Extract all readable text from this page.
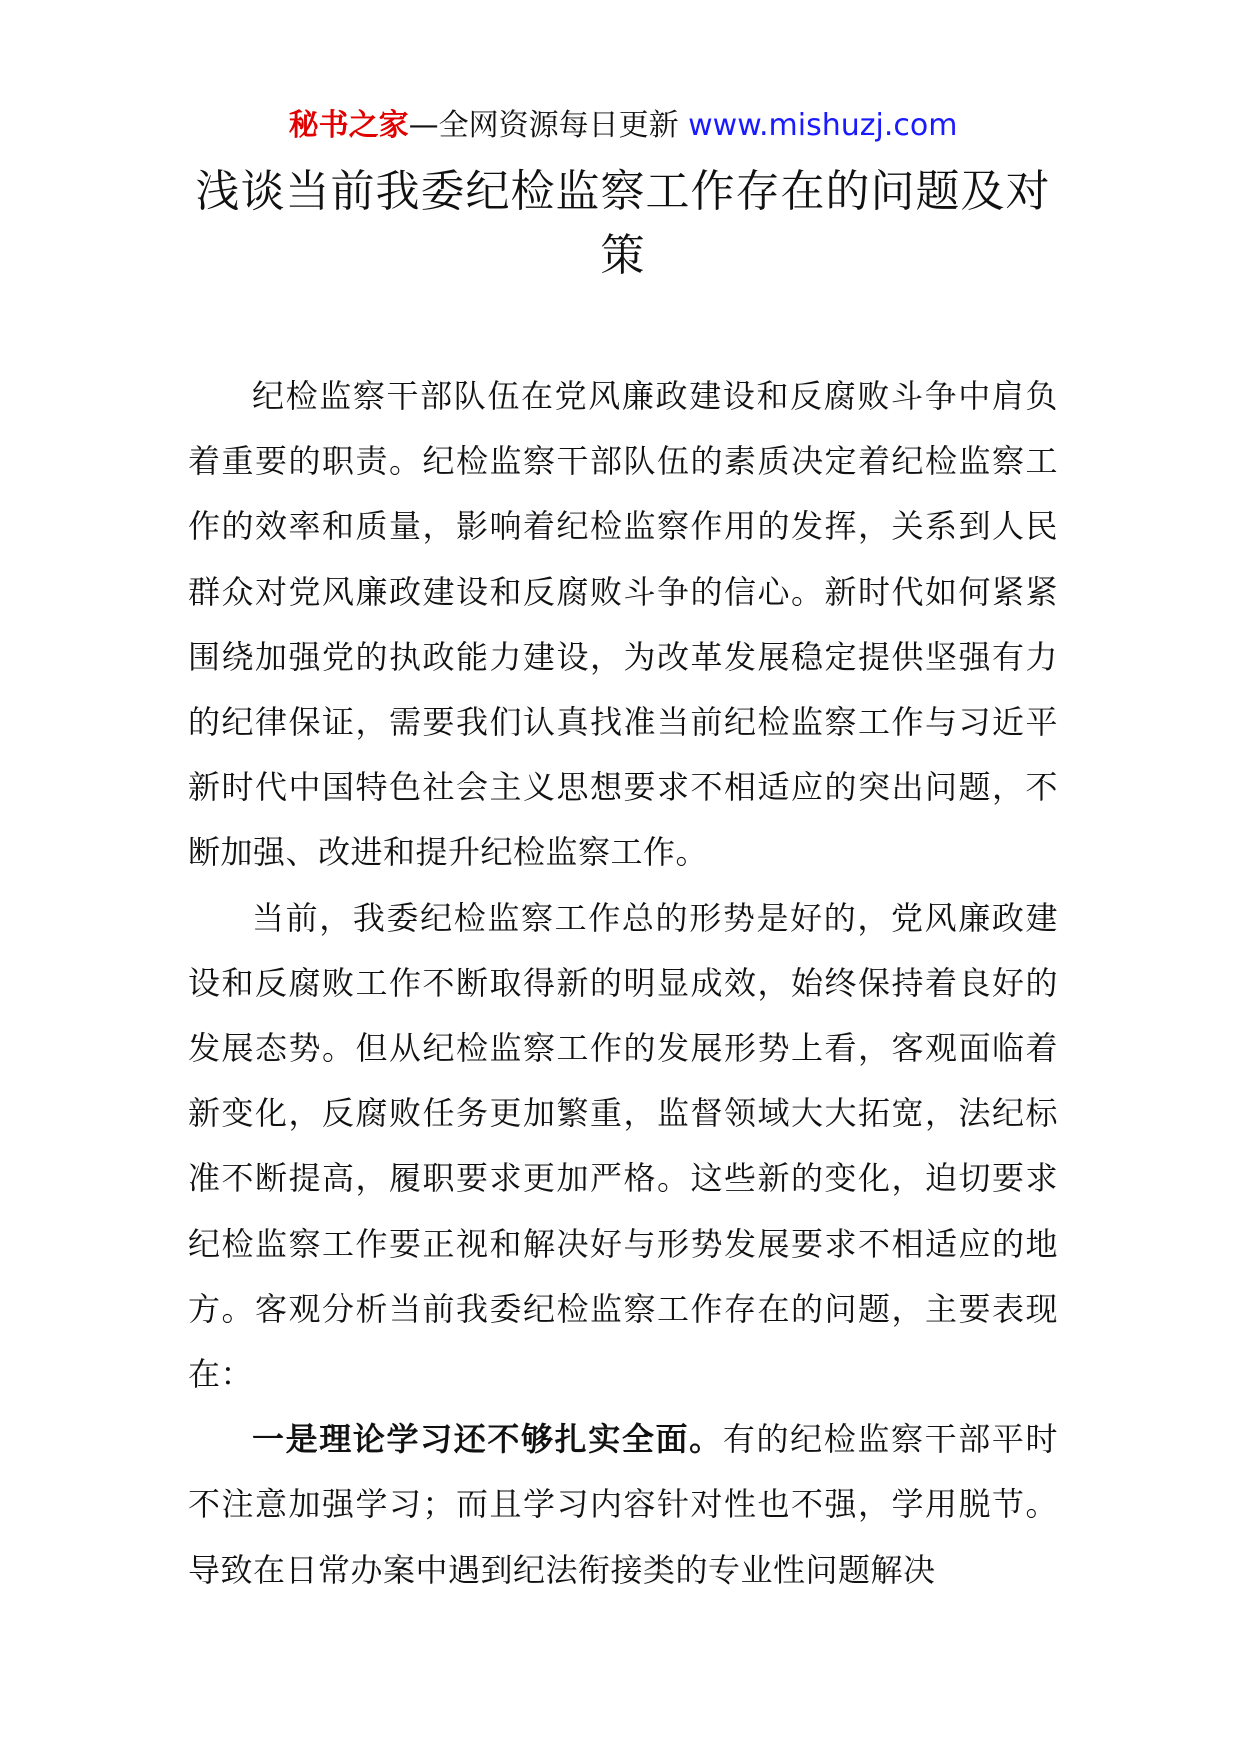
秘书之家—全网资源每日更新 www.mishuzj.com
浅谈当前我委纪检监察工作存在的问题及对策

纪检监察干部队伍在党风廉政建设和反腐败斗争中肩负着重要的职责。纪检监察干部队伍的素质决定着纪检监察工作的效率和质量，影响着纪检监察作用的发挥，关系到人民群众对党风廉政建设和反腐败斗争的信心。新时代如何紧紧围绕加强党的执政能力建设，为改革发展稳定提供坚强有力的纪律保证，需要我们认真找准当前纪检监察工作与习近平新时代中国特色社会主义思想要求不相适应的突出问题，不断加强、改进和提升纪检监察工作。

当前，我委纪检监察工作总的形势是好的，党风廉政建设和反腐败工作不断取得新的明显成效，始终保持着良好的发展态势。但从纪检监察工作的发展形势上看，客观面临着新变化，反腐败任务更加繁重，监督领域大大拓宽，法纪标准不断提高，履职要求更加严格。这些新的变化，迫切要求纪检监察工作要正视和解决好与形势发展要求不相适应的地方。客观分析当前我委纪检监察工作存在的问题，主要表现在：

一是理论学习还不够扎实全面。有的纪检监察干部平时不注意加强学习；而且学习内容针对性也不强，学用脱节。导致在日常办案中遇到纪法衔接类的专业性问题解决
